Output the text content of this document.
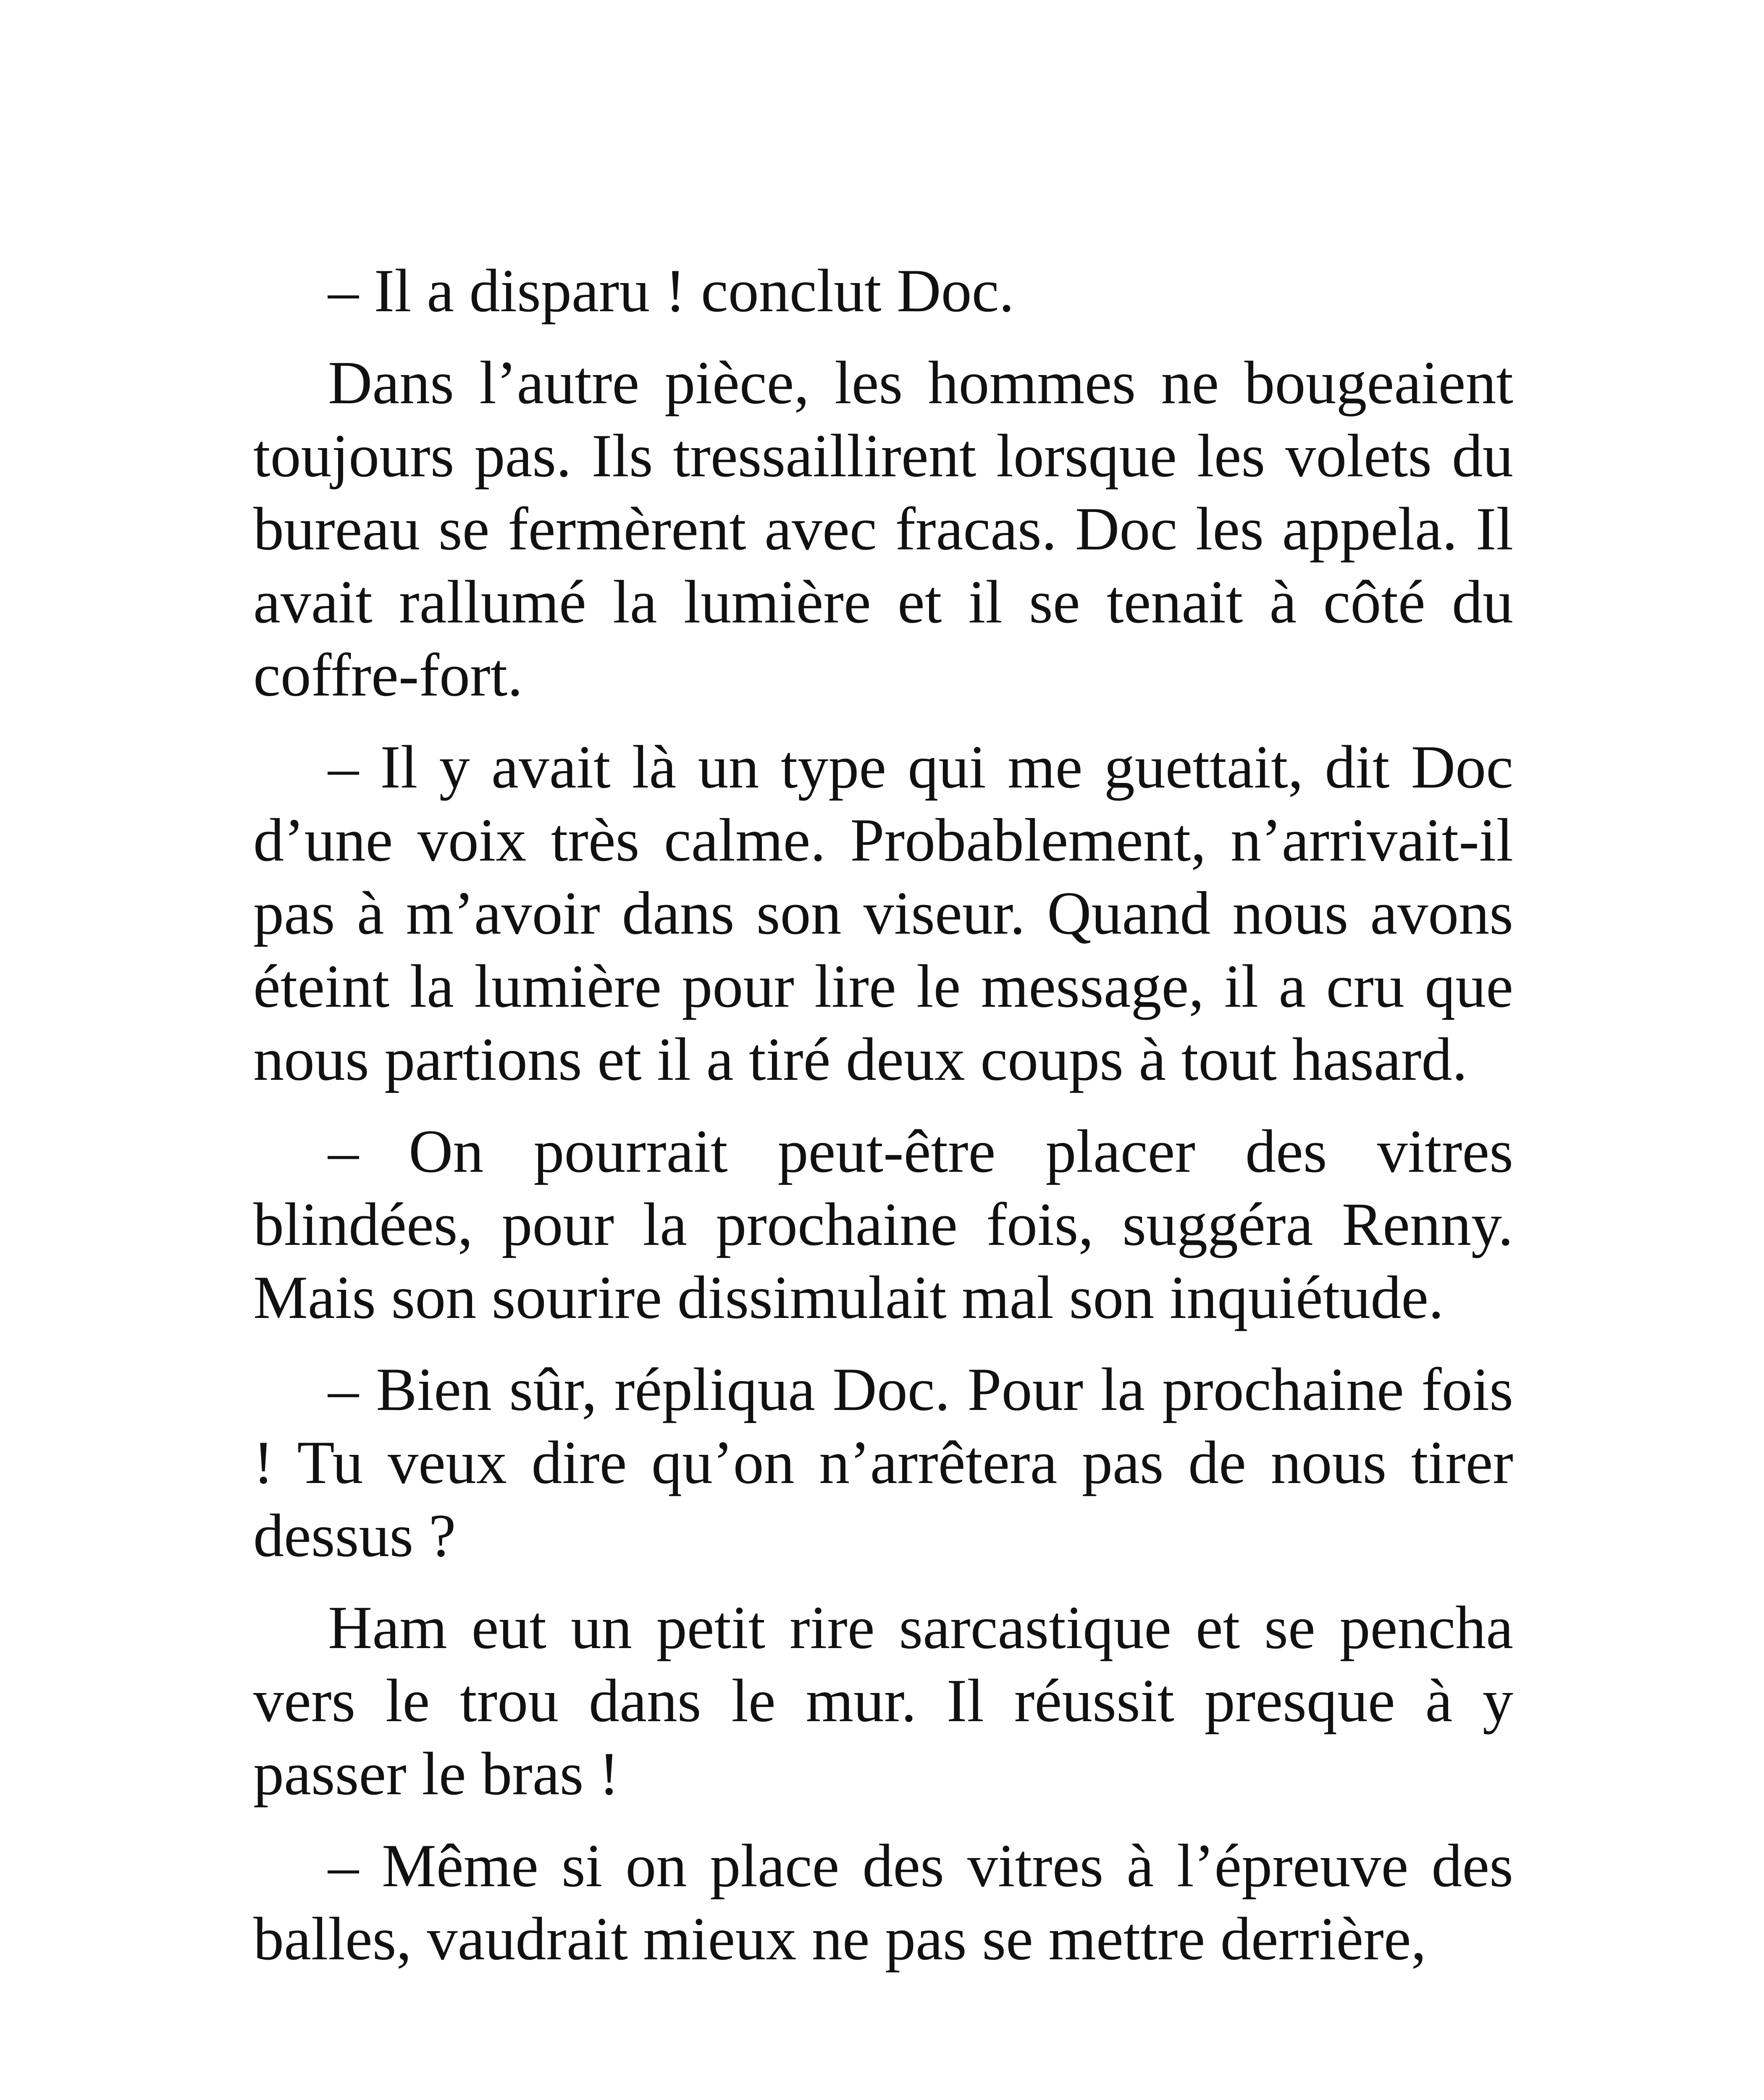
– Il a disparu ! conclut Doc.

Dans l’autre pièce, les hommes ne bougeaient toujours pas. Ils tressaillirent lorsque les volets du bureau se fermèrent avec fracas. Doc les appela. Il avait rallumé la lumière et il se tenait à côté du coffre-fort.

– Il y avait là un type qui me guettait, dit Doc d’une voix très calme. Probablement, n’arrivait-il pas à m’avoir dans son viseur. Quand nous avons éteint la lumière pour lire le message, il a cru que nous partions et il a tiré deux coups à tout hasard.

– On pourrait peut-être placer des vitres blindées, pour la prochaine fois, suggéra Renny. Mais son sourire dissimulait mal son inquiétude.

– Bien sûr, répliqua Doc. Pour la prochaine fois ! Tu veux dire qu’on n’arrêtera pas de nous tirer dessus ?

Ham eut un petit rire sarcastique et se pencha vers le trou dans le mur. Il réussit presque à y passer le bras !

– Même si on place des vitres à l’épreuve des balles, vaudrait mieux ne pas se mettre derrière,
